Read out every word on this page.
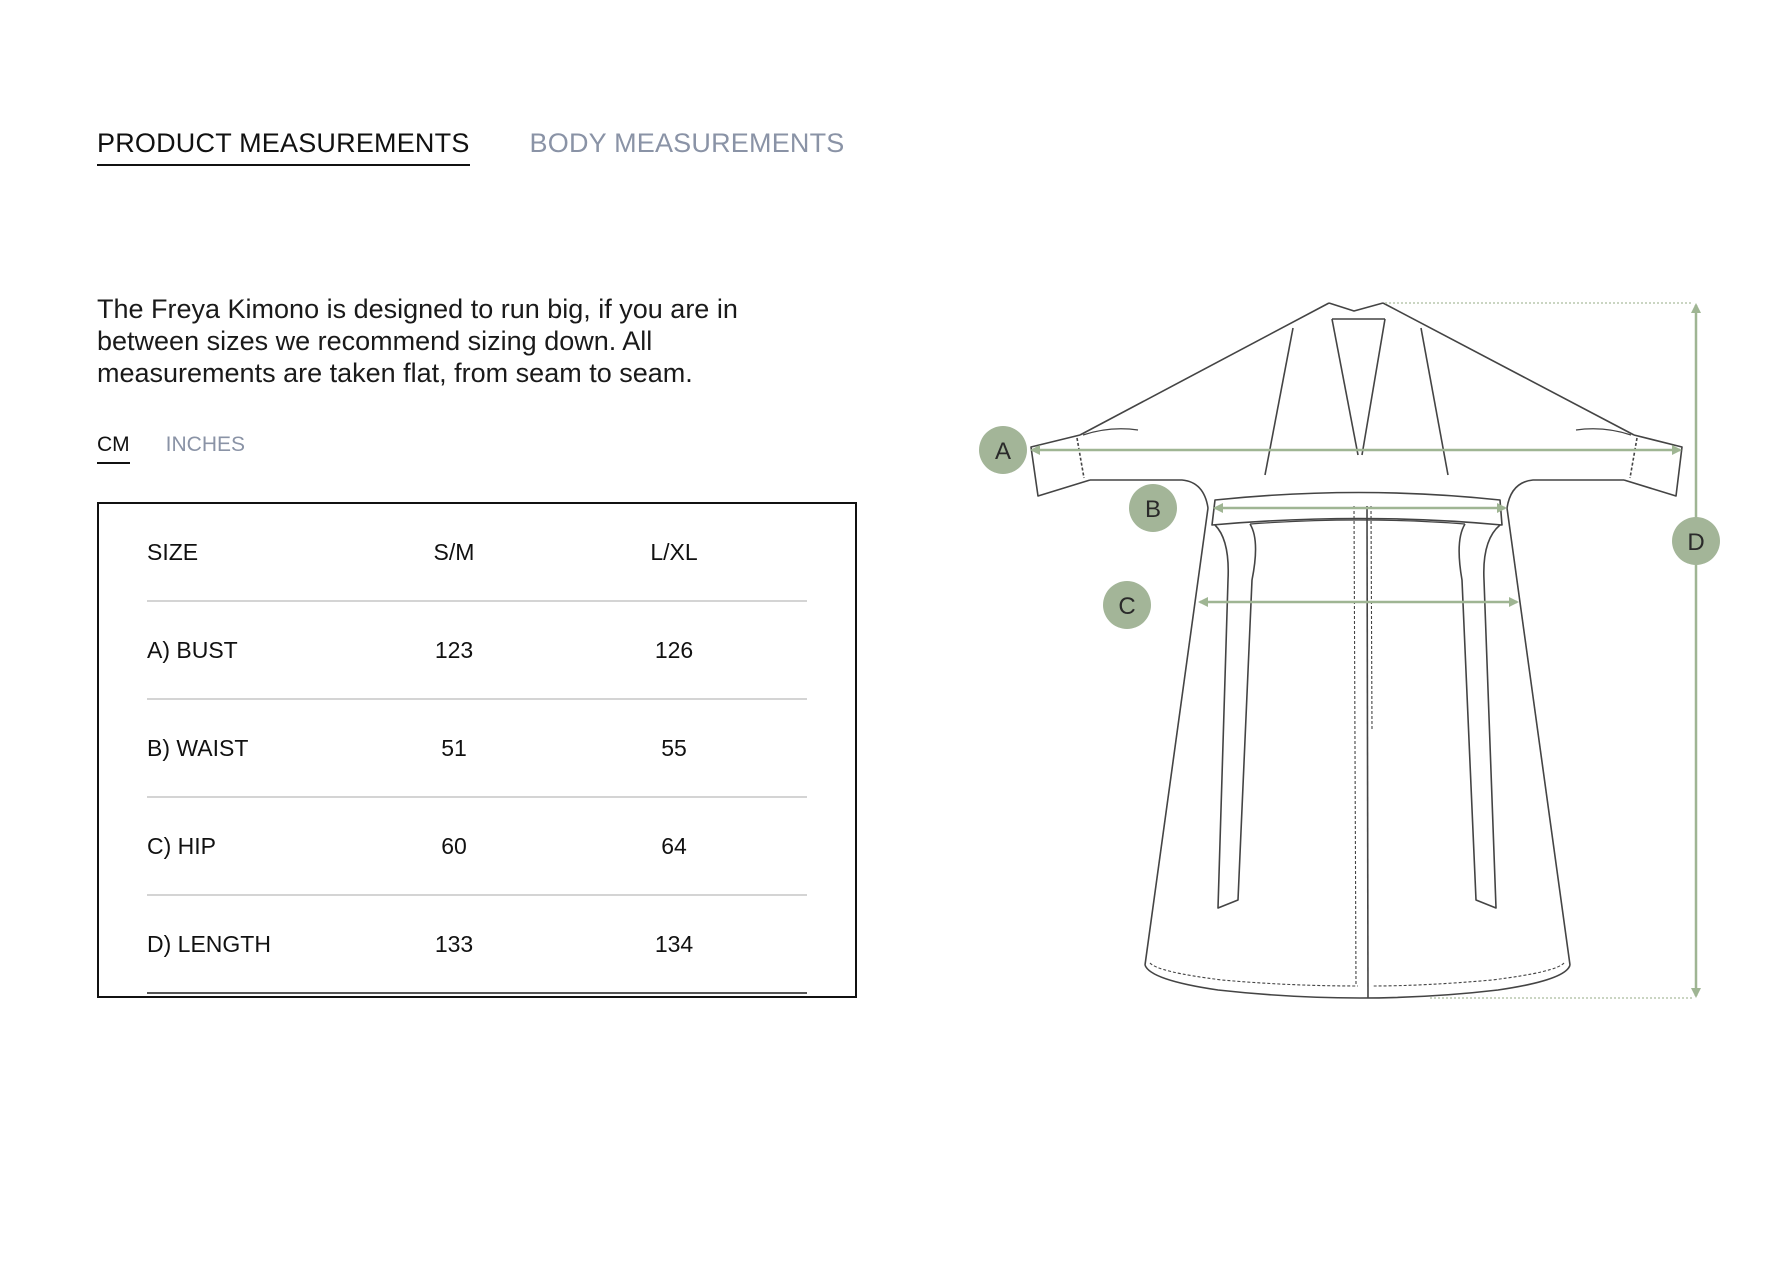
PRODUCT MEASUREMENTS BODY MEASUREMENTS

The Freya Kimono is designed to run big, if you are in between sizes we recommend sizing down. All measurements are taken flat, from seam to seam.

CM INCHES
SIZE	S/M	L/XL
A) BUST	123	126
B) WAIST	51	55
C) HIP	60	64
D) LENGTH	133	134
A
B
C
D
